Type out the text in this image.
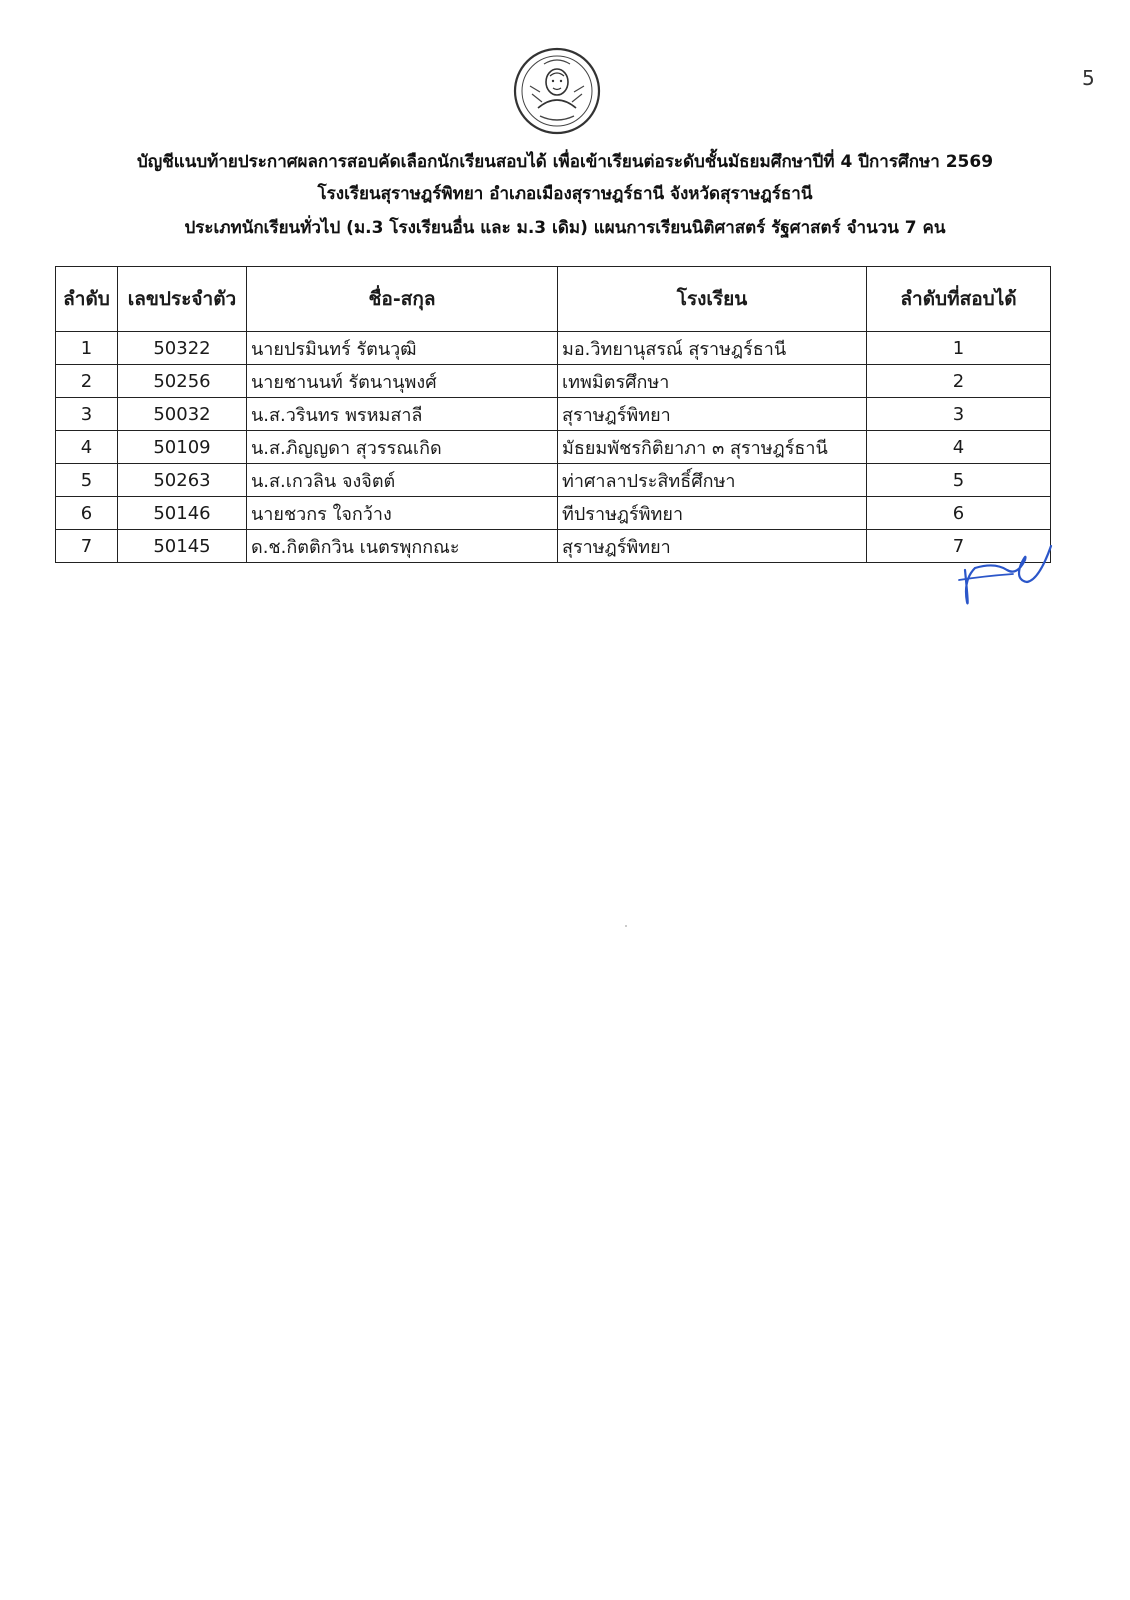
5
บัญชีแนบท้ายประกาศผลการสอบคัดเลือกนักเรียนสอบได้ เพื่อเข้าเรียนต่อระดับชั้นมัธยมศึกษาปีที่ 4 ปีการศึกษา 2569
โรงเรียนสุราษฎร์พิทยา อำเภอเมืองสุราษฎร์ธานี จังหวัดสุราษฎร์ธานี
ประเภทนักเรียนทั่วไป (ม.3 โรงเรียนอื่น และ ม.3 เดิม) แผนการเรียนนิติศาสตร์ รัฐศาสตร์ จำนวน 7 คน
ลำดับ	เลขประจำตัว	ชื่อ-สกุล	โรงเรียน	ลำดับที่สอบได้
1	50322	นายปรมินทร์ รัตนวุฒิ	มอ.วิทยานุสรณ์ สุราษฎร์ธานี	1
2	50256	นายชานนท์ รัตนานุพงศ์	เทพมิตรศึกษา	2
3	50032	น.ส.วรินทร พรหมสาลี	สุราษฎร์พิทยา	3
4	50109	น.ส.ภิญญดา สุวรรณเกิด	มัธยมพัชรกิติยาภา ๓ สุราษฎร์ธานี	4
5	50263	น.ส.เกวลิน จงจิตต์	ท่าศาลาประสิทธิ์ศึกษา	5
6	50146	นายชวกร ใจกว้าง	ทีปราษฎร์พิทยา	6
7	50145	ด.ช.กิตติกวิน เนตรพุกกณะ	สุราษฎร์พิทยา	7
